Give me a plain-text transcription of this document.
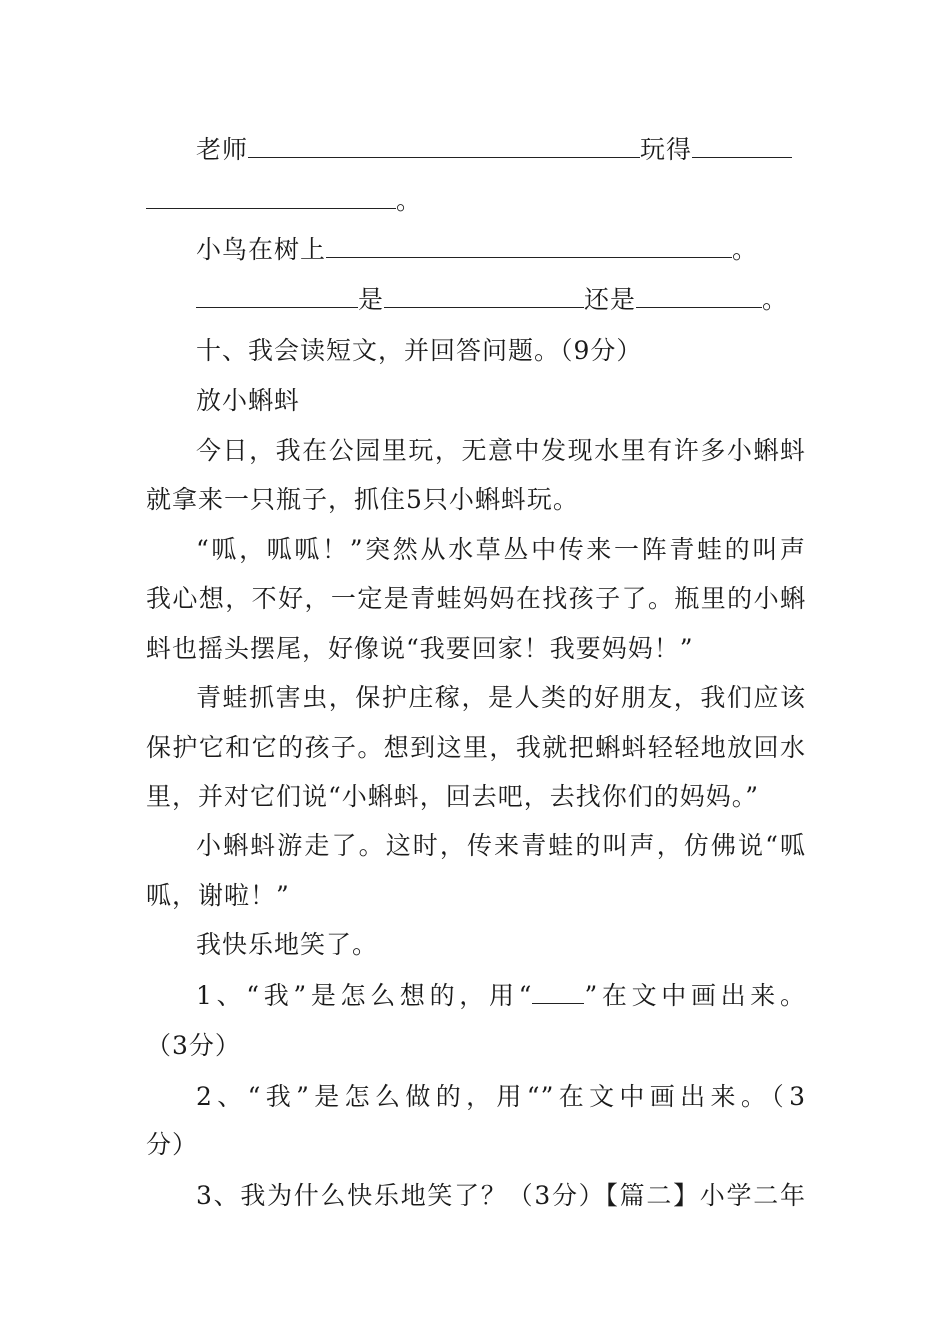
老师	玩得
。
小鸟在树上	。
是	还是	。
十、我会读短文，并回答问题。（9分）
放小蝌蚪
今日，我在公园里玩，无意中发现水里有许多小蝌蚪
就拿来一只瓶子，抓住5只小蝌蚪玩。
“呱，呱呱！”突然从水草丛中传来一阵青蛙的叫声
我心想，不好，一定是青蛙妈妈在找孩子了。瓶里的小蝌
蚪也摇头摆尾，好像说“我要回家！我要妈妈！”
青蛙抓害虫，保护庄稼，是人类的好朋友，我们应该
保护它和它的孩子。想到这里，我就把蝌蚪轻轻地放回水
里，并对它们说“小蝌蚪，回去吧，去找你们的妈妈。”
小蝌蚪游走了。这时，传来青蛙的叫声，仿佛说“呱
呱，谢啦！”
我快乐地笑了。
1、“我”是怎么想的，用“ ”在文中画出来。
（3分）
2、“我”是怎么做的，用“”在文中画出来。（3
分）
3、我为什么快乐地笑了？（3分）【篇二】小学二年
